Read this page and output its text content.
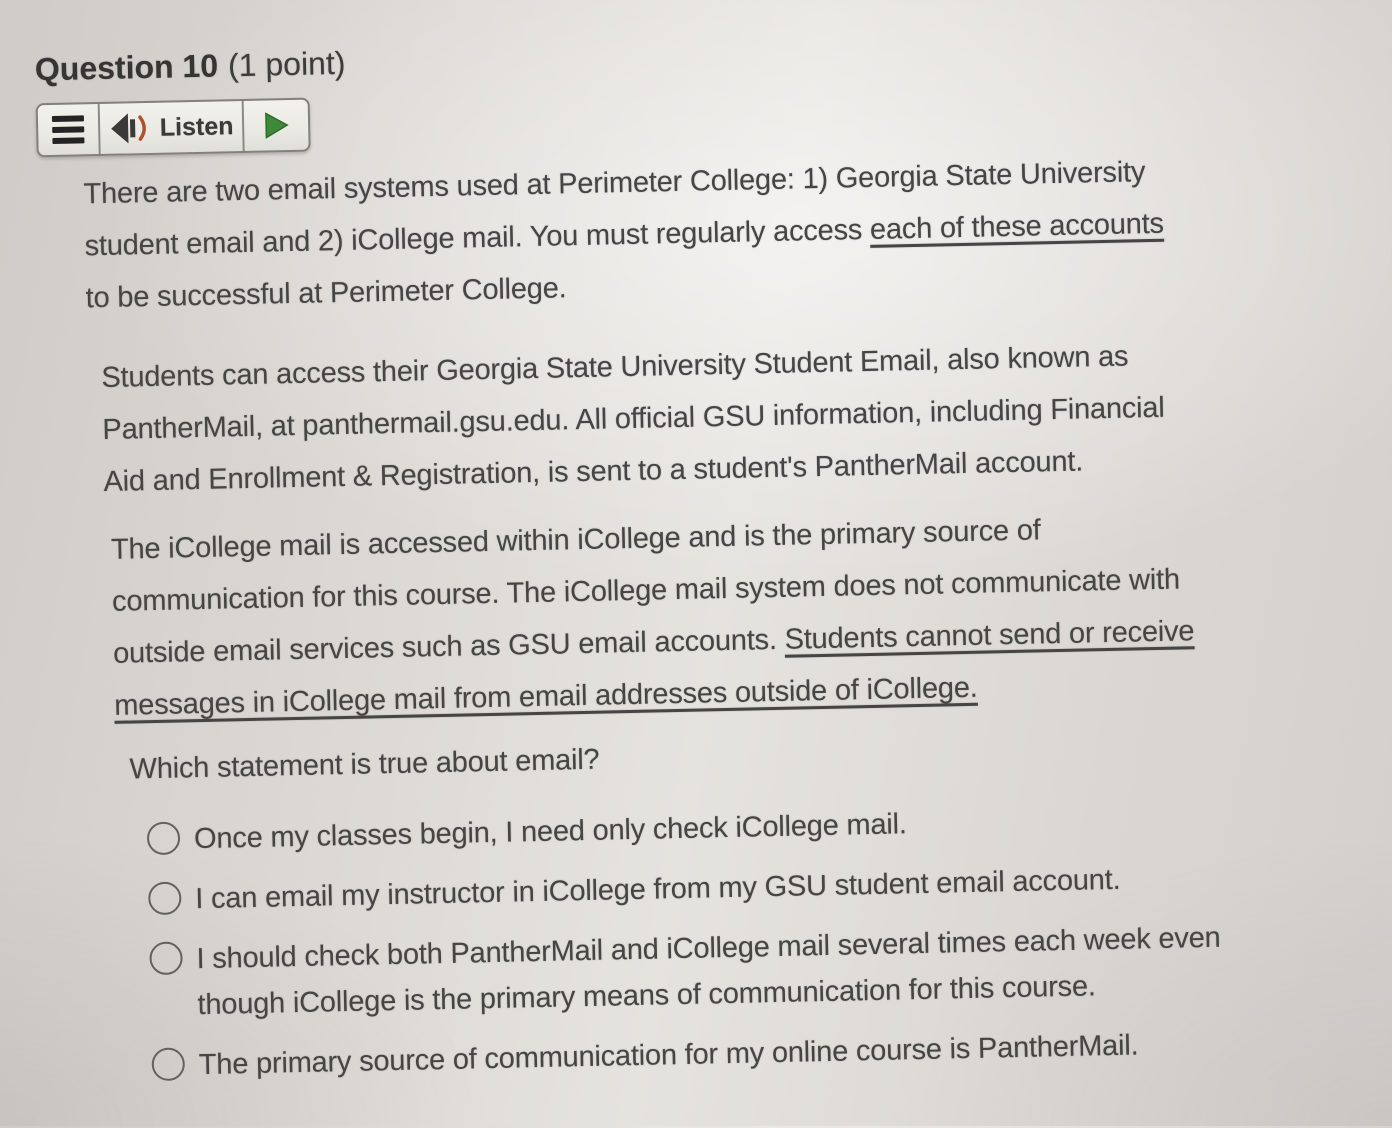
Question 10 (1 point)
Listen
There are two email systems used at Perimeter College: 1) Georgia State University
student email and 2) iCollege mail. You must regularly access each of these accounts
to be successful at Perimeter College.
Students can access their Georgia State University Student Email, also known as
PantherMail, at panthermail.gsu.edu. All official GSU information, including Financial
Aid and Enrollment & Registration, is sent to a student's PantherMail account.
The iCollege mail is accessed within iCollege and is the primary source of
communication for this course. The iCollege mail system does not communicate with
outside email services such as GSU email accounts. Students cannot send or receive
messages in iCollege mail from email addresses outside of iCollege.
Which statement is true about email?
Once my classes begin, I need only check iCollege mail.
I can email my instructor in iCollege from my GSU student email account.
I should check both PantherMail and iCollege mail several times each week even
though iCollege is the primary means of communication for this course.
The primary source of communication for my online course is PantherMail.
